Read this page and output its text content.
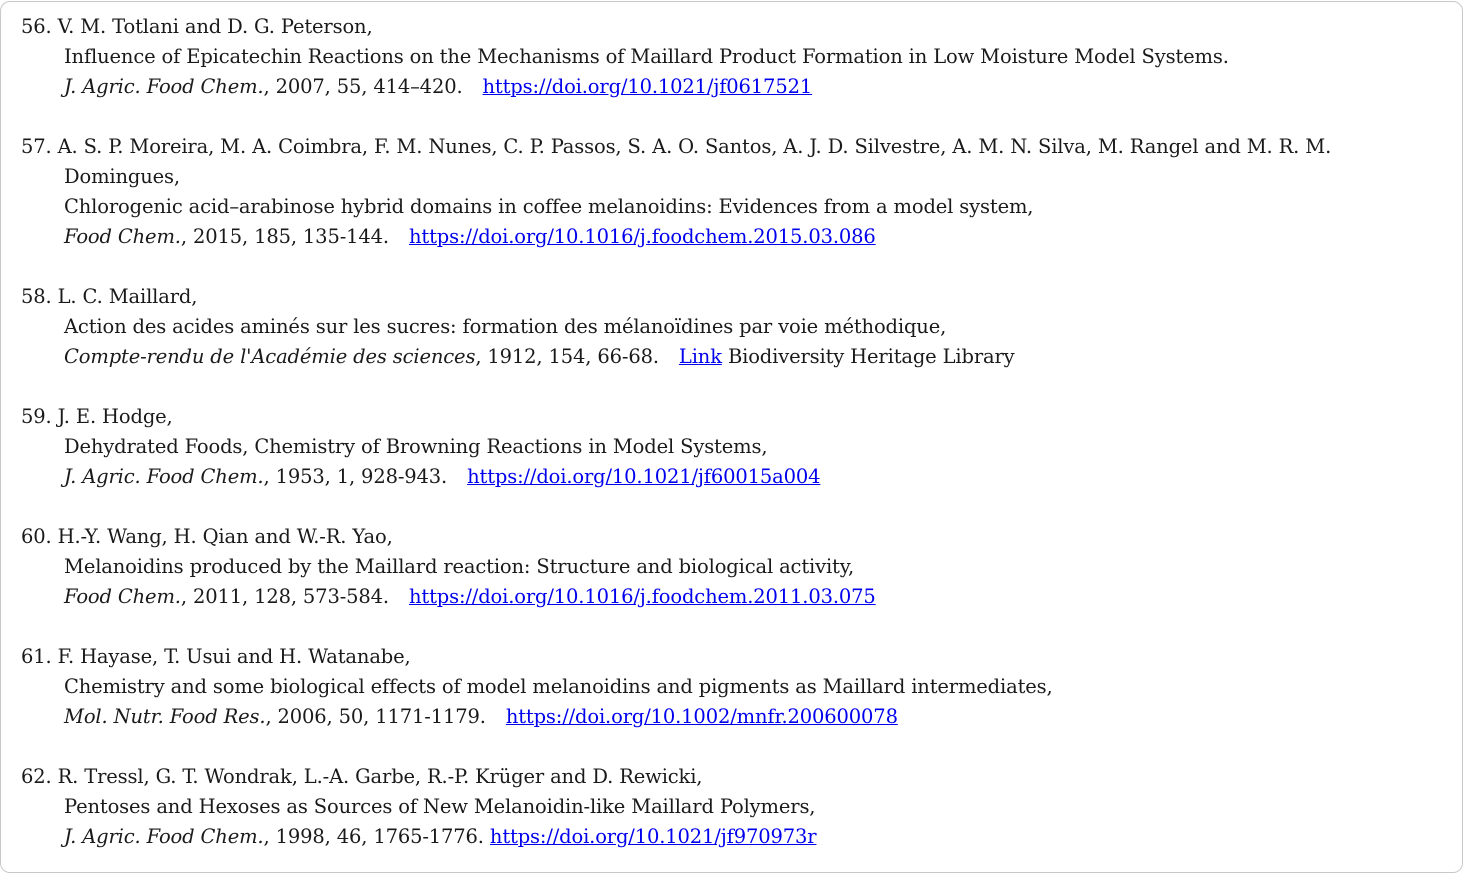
56. V. M. Totlani and D. G. Peterson,
Influence of Epicatechin Reactions on the Mechanisms of Maillard Product Formation in Low Moisture Model Systems.
J. Agric. Food Chem., 2007, 55, 414–420. https://doi.org/10.1021/jf0617521
57. A. S. P. Moreira, M. A. Coimbra, F. M. Nunes, C. P. Passos, S. A. O. Santos, A. J. D. Silvestre, A. M. N. Silva, M. Rangel and M. R. M.
Domingues,
Chlorogenic acid–arabinose hybrid domains in coffee melanoidins: Evidences from a model system,
Food Chem., 2015, 185, 135-144. https://doi.org/10.1016/j.foodchem.2015.03.086
58. L. C. Maillard,
Action des acides aminés sur les sucres: formation des mélanoïdines par voie méthodique,
Compte-rendu de l'Académie des sciences, 1912, 154, 66-68. Link Biodiversity Heritage Library
59. J. E. Hodge,
Dehydrated Foods, Chemistry of Browning Reactions in Model Systems,
J. Agric. Food Chem., 1953, 1, 928-943. https://doi.org/10.1021/jf60015a004
60. H.-Y. Wang, H. Qian and W.-R. Yao,
Melanoidins produced by the Maillard reaction: Structure and biological activity,
Food Chem., 2011, 128, 573-584. https://doi.org/10.1016/j.foodchem.2011.03.075
61. F. Hayase, T. Usui and H. Watanabe,
Chemistry and some biological effects of model melanoidins and pigments as Maillard intermediates,
Mol. Nutr. Food Res., 2006, 50, 1171-1179. https://doi.org/10.1002/mnfr.200600078
62. R. Tressl, G. T. Wondrak, L.-A. Garbe, R.-P. Krüger and D. Rewicki,
Pentoses and Hexoses as Sources of New Melanoidin-like Maillard Polymers,
J. Agric. Food Chem., 1998, 46, 1765-1776. https://doi.org/10.1021/jf970973r
